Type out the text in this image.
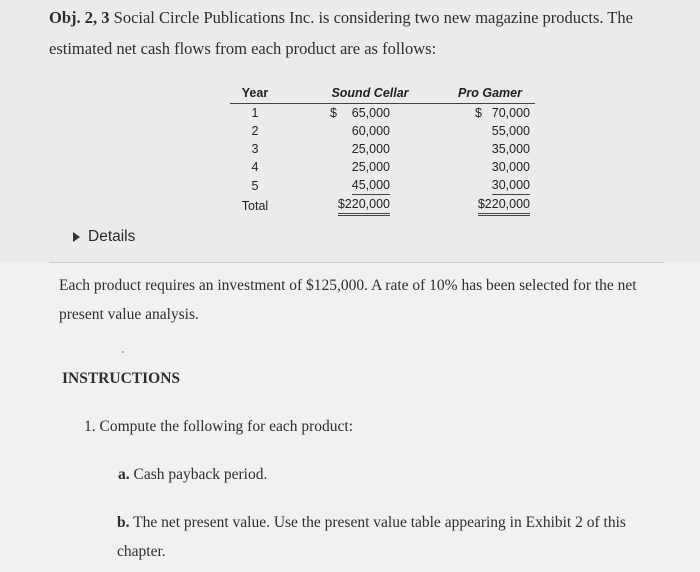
Obj. 2, 3 Social Circle Publications Inc. is considering two new magazine products. The estimated net cash flows from each product are as follows:
Year	Sound Cellar	Pro Gamer
1	$ 65,000	$ 70,000

2	60,000	55,000
3	25,000	35,000
4	25,000	30,000
5	45,000	30,000
Total	$220,000	$220,000
Details
Each product requires an investment of $125,000. A rate of 10% has been selected for the net present value analysis.
INSTRUCTIONS
1. Compute the following for each product:
a. Cash payback period.
b. The net present value. Use the present value table appearing in Exhibit 2 of this chapter.
